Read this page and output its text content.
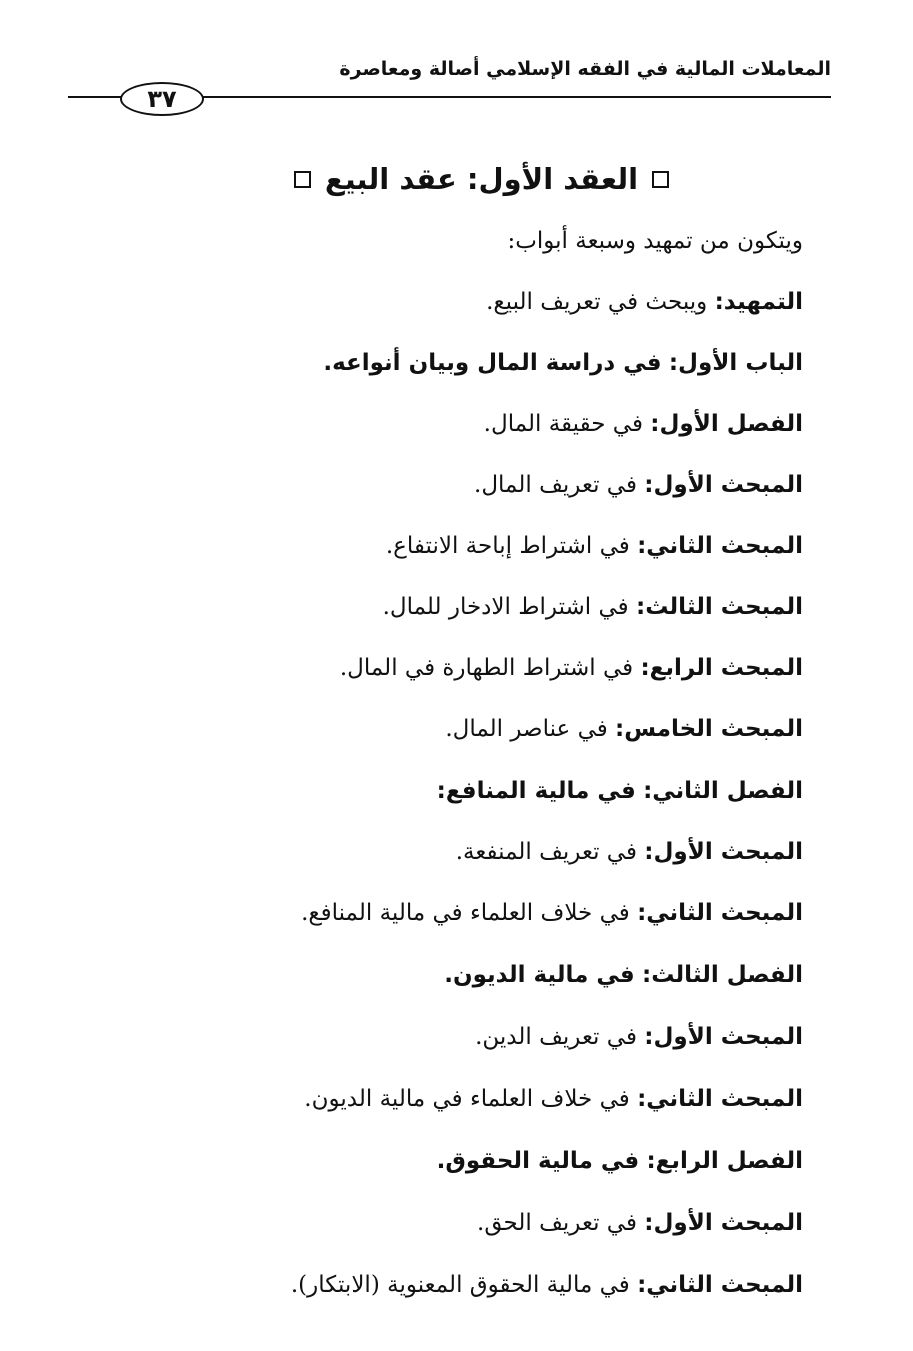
المعاملات المالية في الفقه الإسلامي أصالة ومعاصرة
٣٧
العقد الأول: عقد البيع
ويتكون من تمهيد وسبعة أبواب:
التمهيد: ويبحث في تعريف البيع.
الباب الأول: في دراسة المال وبيان أنواعه.
الفصل الأول: في حقيقة المال.
المبحث الأول: في تعريف المال.
المبحث الثاني: في اشتراط إباحة الانتفاع.
المبحث الثالث: في اشتراط الادخار للمال.
المبحث الرابع: في اشتراط الطهارة في المال.
المبحث الخامس: في عناصر المال.
الفصل الثاني: في مالية المنافع:
المبحث الأول: في تعريف المنفعة.
المبحث الثاني: في خلاف العلماء في مالية المنافع.
الفصل الثالث: في مالية الديون.
المبحث الأول: في تعريف الدين.
المبحث الثاني: في خلاف العلماء في مالية الديون.
الفصل الرابع: في مالية الحقوق.
المبحث الأول: في تعريف الحق.
المبحث الثاني: في مالية الحقوق المعنوية (الابتكار).
